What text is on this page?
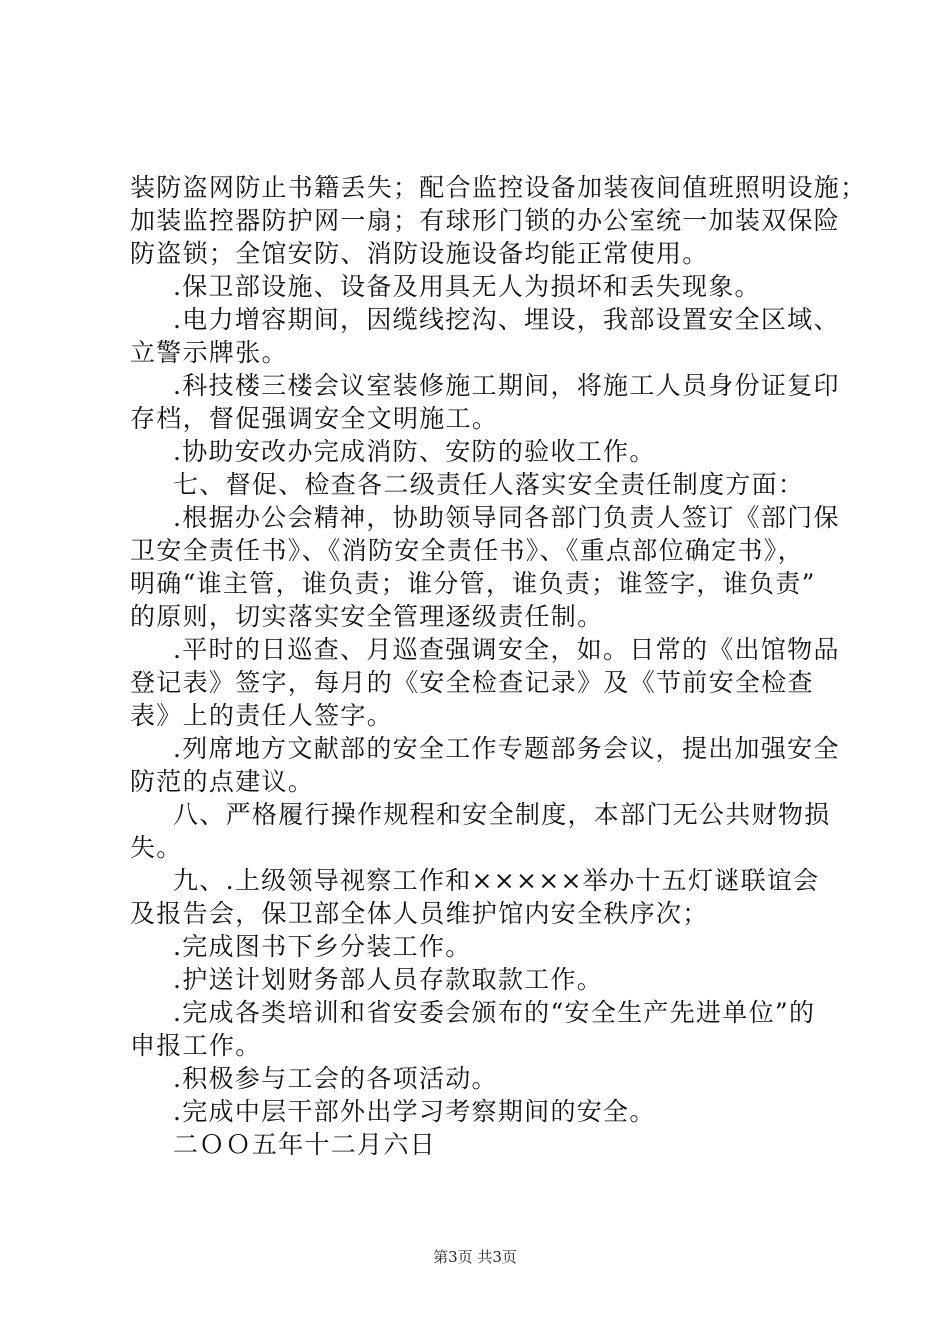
装防盗网防止书籍丢失；配合监控设备加装夜间值班照明设施；
加装监控器防护网一扇；有球形门锁的办公室统一加装双保险
防盗锁；全馆安防、消防设施设备均能正常使用。
.保卫部设施、设备及用具无人为损坏和丢失现象。
.电力增容期间，因缆线挖沟、埋设，我部设置安全区域、
立警示牌张。
.科技楼三楼会议室装修施工期间，将施工人员身份证复印
存档，督促强调安全文明施工。
.协助安改办完成消防、安防的验收工作。
七、督促、检查各二级责任人落实安全责任制度方面：
.根据办公会精神，协助领导同各部门负责人签订《部门保
卫安全责任书》、《消防安全责任书》、《重点部位确定书》，
明确“谁主管，谁负责；谁分管，谁负责；谁签字，谁负责”
的原则，切实落实安全管理逐级责任制。
.平时的日巡查、月巡查强调安全，如。日常的《出馆物品
登记表》签字，每月的《安全检查记录》及《节前安全检查
表》上的责任人签字。
.列席地方文献部的安全工作专题部务会议，提出加强安全
防范的点建议。
八、严格履行操作规程和安全制度，本部门无公共财物损
失。
九、.上级领导视察工作和×××××举办十五灯谜联谊会
及报告会，保卫部全体人员维护馆内安全秩序次；
.完成图书下乡分装工作。
.护送计划财务部人员存款取款工作。
.完成各类培训和省安委会颁布的“安全生产先进单位”的
申报工作。
.积极参与工会的各项活动。
.完成中层干部外出学习考察期间的安全。
二ＯＯ五年十二月六日
第3页 共3页
